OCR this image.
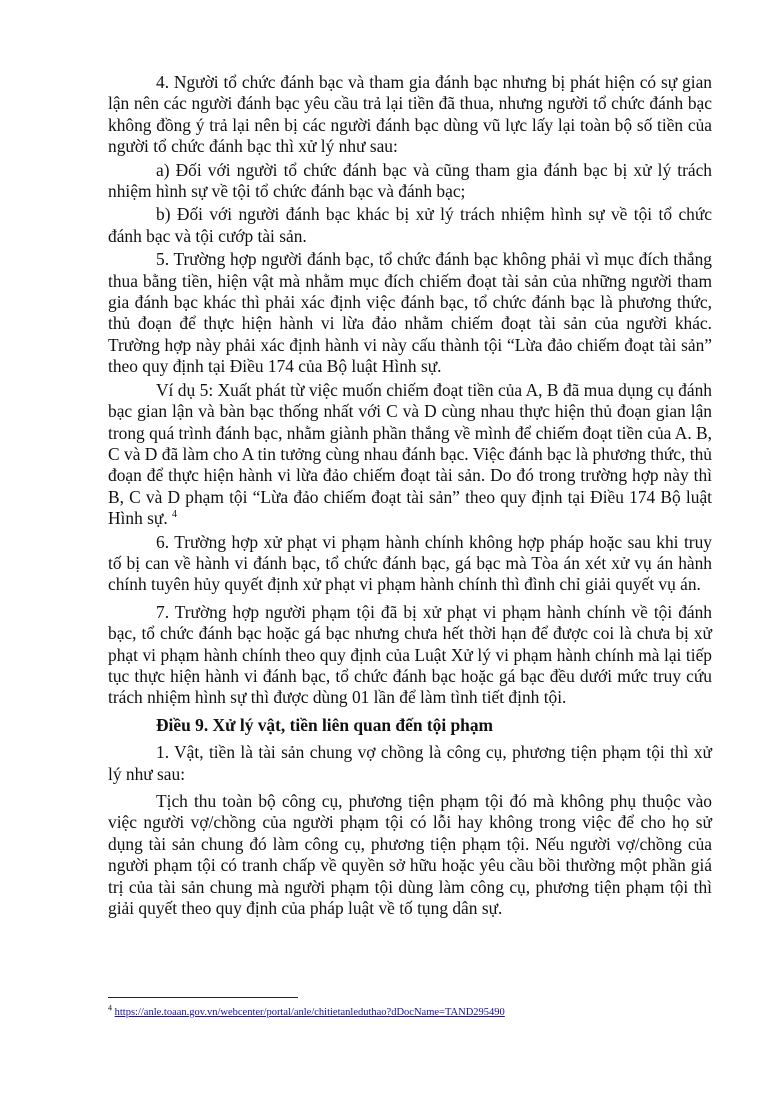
4. Người tổ chức đánh bạc và tham gia đánh bạc nhưng bị phát hiện có sự gian lận nên các người đánh bạc yêu cầu trả lại tiền đã thua, nhưng người tổ chức đánh bạc không đồng ý trả lại nên bị các người đánh bạc dùng vũ lực lấy lại toàn bộ số tiền của người tổ chức đánh bạc thì xử lý như sau:

a) Đối với người tổ chức đánh bạc và cũng tham gia đánh bạc bị xử lý trách nhiệm hình sự về tội tổ chức đánh bạc và đánh bạc;

b) Đối với người đánh bạc khác bị xử lý trách nhiệm hình sự về tội tổ chức đánh bạc và tội cướp tài sản.

5. Trường hợp người đánh bạc, tổ chức đánh bạc không phải vì mục đích thắng thua bằng tiền, hiện vật mà nhằm mục đích chiếm đoạt tài sản của những người tham gia đánh bạc khác thì phải xác định việc đánh bạc, tổ chức đánh bạc là phương thức, thủ đoạn để thực hiện hành vi lừa đảo nhằm chiếm đoạt tài sản của người khác. Trường hợp này phải xác định hành vi này cấu thành tội “Lừa đảo chiếm đoạt tài sản” theo quy định tại Điều 174 của Bộ luật Hình sự.

Ví dụ 5: Xuất phát từ việc muốn chiếm đoạt tiền của A, B đã mua dụng cụ đánh bạc gian lận và bàn bạc thống nhất với C và D cùng nhau thực hiện thủ đoạn gian lận trong quá trình đánh bạc, nhằm giành phần thắng về mình để chiếm đoạt tiền của A. B, C và D đã làm cho A tin tưởng cùng nhau đánh bạc. Việc đánh bạc là phương thức, thủ đoạn để thực hiện hành vi lừa đảo chiếm đoạt tài sản. Do đó trong trường hợp này thì B, C và D phạm tội “Lừa đảo chiếm đoạt tài sản” theo quy định tại Điều 174 Bộ luật Hình sự. $^4$

6. Trường hợp xử phạt vi phạm hành chính không hợp pháp hoặc sau khi truy tố bị can về hành vi đánh bạc, tổ chức đánh bạc, gá bạc mà Tòa án xét xử vụ án hành chính tuyên hủy quyết định xử phạt vi phạm hành chính thì đình chỉ giải quyết vụ án.

7. Trường hợp người phạm tội đã bị xử phạt vi phạm hành chính về tội đánh bạc, tổ chức đánh bạc hoặc gá bạc nhưng chưa hết thời hạn để được coi là chưa bị xử phạt vi phạm hành chính theo quy định của Luật Xử lý vi phạm hành chính mà lại tiếp tục thực hiện hành vi đánh bạc, tổ chức đánh bạc hoặc gá bạc đều dưới mức truy cứu trách nhiệm hình sự thì được dùng 01 lần để làm tình tiết định tội.

Điều 9. Xử lý vật, tiền liên quan đến tội phạm

1. Vật, tiền là tài sản chung vợ chồng là công cụ, phương tiện phạm tội thì xử lý như sau:

Tịch thu toàn bộ công cụ, phương tiện phạm tội đó mà không phụ thuộc vào việc người vợ/chồng của người phạm tội có lỗi hay không trong việc để cho họ sử dụng tài sản chung đó làm công cụ, phương tiện phạm tội. Nếu người vợ/chồng của người phạm tội có tranh chấp về quyền sở hữu hoặc yêu cầu bồi thường một phần giá trị của tài sản chung mà người phạm tội dùng làm công cụ, phương tiện phạm tội thì giải quyết theo quy định của pháp luật về tố tụng dân sự.

$^4$ https://anle.toaan.gov.vn/webcenter/portal/anle/chitietanleduthao?dDocName=TAND295490
